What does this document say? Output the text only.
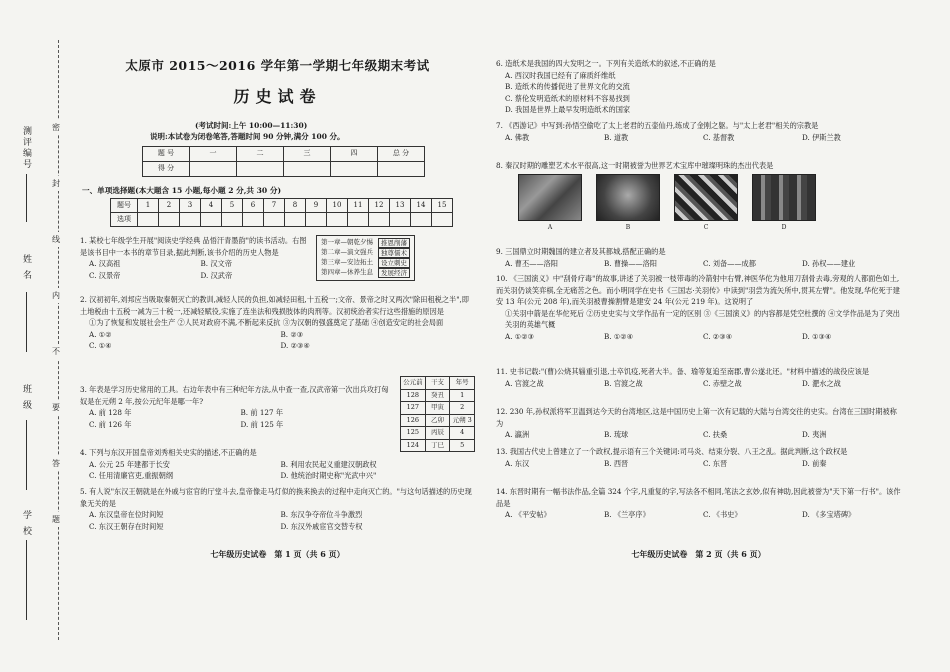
测评编号
姓 名
班 级
学 校
密
封
线
内
不
要
答
题
太原市 2015～2016 学年第一学期七年级期末考试
历史试卷
(考试时间:上午 10:00—11:30)
说明:本试卷为闭卷笔答,答题时间 90 分钟,满分 100 分。
题 号	一	二	三	四	总 分
得 分					
一、单项选择题(本大题含 15 小题,每小题 2 分,共 30 分)
题号	1	2	3	4	5	6	7	8	9	10	11	12	13	14	15
选项															

1. 某校七年级学生开展"阅读史学经典 品悟汗青墨韵"的读书活动。右图是该书目中一本书的章节目录,据此判断,该书介绍的历史人物是

A. 汉高祖	B. 汉文帝
C. 汉景帝	D. 汉武帝
第一章—朝乾夕惕	推恩削藩
第二章—演文强兵	独尊儒术
第三章—安边拓土	设立刺史
第四章—休养生息	发展经济

2. 汉初初年,刘邦应当吸取秦朝灭亡的教训,减轻人民的负担,如减轻田租,十五税一;文帝、景帝之时又两次"除田租税之半",即土地税由十五税一减为三十税一,还减轻赋役,实施了连坐法和残损肢体的肉刑等。汉初统治者实行这些措施的原因是

①为了恢复和发展社会生产 ②人民对政府不满,不断起来反抗 ③为汉朝的强盛奠定了基础 ④创造安定的社会局面

A. ①②	B. ②③
C. ①④	D. ②③④

3. 年表是学习历史常用的工具。右边年表中有三种纪年方法,从中查一查,汉武帝第一次出兵攻打匈奴是在元朔 2 年,按公元纪年是哪一年?

A. 前 128 年	B. 前 127 年
C. 前 126 年	D. 前 125 年
公元前	干支	年号
128	癸丑	1
127	甲寅	2
126	乙卯	元朔 3
125	丙辰	4
124	丁巳	5

4. 下列与东汉开国皇帝刘秀相关史实的描述,不正确的是

A. 公元 25 年建都于长安	B. 利用农民起义重建汉朝政权
C. 任用清廉官吏,重振朝纲	D. 他统治时期史称"光武中兴"

5. 有人说"东汉王朝就是在外戚与宦官的厅堂斗去,皇帝像走马灯似的换来换去的过程中走向灭亡的。"与这句话描述的历史现象无关的是

A. 东汉皇帝在位时间短	B. 东汉争夺帝位斗争激烈
C. 东汉王朝存在时间短	D. 东汉外戚宦官交替专权
七年级历史试卷　第 1 页（共 6 页）

6. 造纸术是我国的四大发明之一。下列有关造纸术的叙述,不正确的是

A. 西汉时我国已经有了麻质纤维纸

B. 造纸术的传播促进了世界文化的交流

C. 蔡伦发明造纸术的原材料不容易找到

D. 我国是世界上最早发明造纸术的国家

7. 《西游记》中写到:孙悟空偷吃了太上老君的五壶仙丹,练成了金刚之躯。与"太上老君"相关的宗教是

A. 佛教	B. 道教	C. 基督教	D. 伊斯兰教

8. 秦汉时期的雕塑艺术水平很高,这一时期被誉为世界艺术宝库中璀璨明珠的杰出代表是

A	B	C	D

9. 三国鼎立时期魏国的建立者及其都城,搭配正确的是

A. 曹丕——洛阳	B. 曹操——洛阳	C. 刘备——成都	D. 孙权——建业

10. 《三国演义》中"刮骨疗毒"的故事,讲述了关羽被一枝带毒的冷箭射中右臂,神医华佗为他用刀刮骨去毒,旁观的人都面色如土,而关羽仍谈笑弈棋,全无痛苦之色。而小明同学在史书《三国志·关羽传》中读到"羽尝为流矢所中,贯其左臂"。他发现,华佗死于建安 13 年(公元 208 年),而关羽被曹操割臂是建安 24 年(公元 219 年)。这说明了

①关羽中箭是在华佗死后 ②历史史实与文学作品有一定的区别 ③《三国演义》的内容都是凭空杜撰的 ④文学作品是为了突出关羽的英雄气概

A. ①②③	B. ①②④	C. ②③④	D. ①③④

11. 史书记载:"(曹)公烧其辎重引退,士卒饥疫,死者大半。备、瑜等复追至南郡,曹公遂北还。"材料中描述的战役应该是

A. 官渡之战	B. 官渡之战	C. 赤壁之战	D. 淝水之战

12. 230 年,孙权派将军卫温到达今天的台湾地区,这是中国历史上第一次有记载的大陆与台湾交往的史实。台湾在三国时期被称为

A. 瀛洲	B. 琉球	C. 扶桑	D. 夷洲

13. 我国古代史上曾建立了一个政权,提示语有三个关键词:司马炎、结束分裂、八王之乱。据此判断,这个政权是

A. 东汉	B. 西晋	C. 东晋	D. 前秦

14. 东晋时期有一幅书法作品,全篇 324 个字,凡重复的字,写法各不相同,笔法之玄妙,似有神助,因此被誉为"天下第一行书"。该作品是

A. 《平安帖》	B. 《兰亭序》	C. 《书史》	D. 《多宝塔碑》
七年级历史试卷　第 2 页（共 6 页）
